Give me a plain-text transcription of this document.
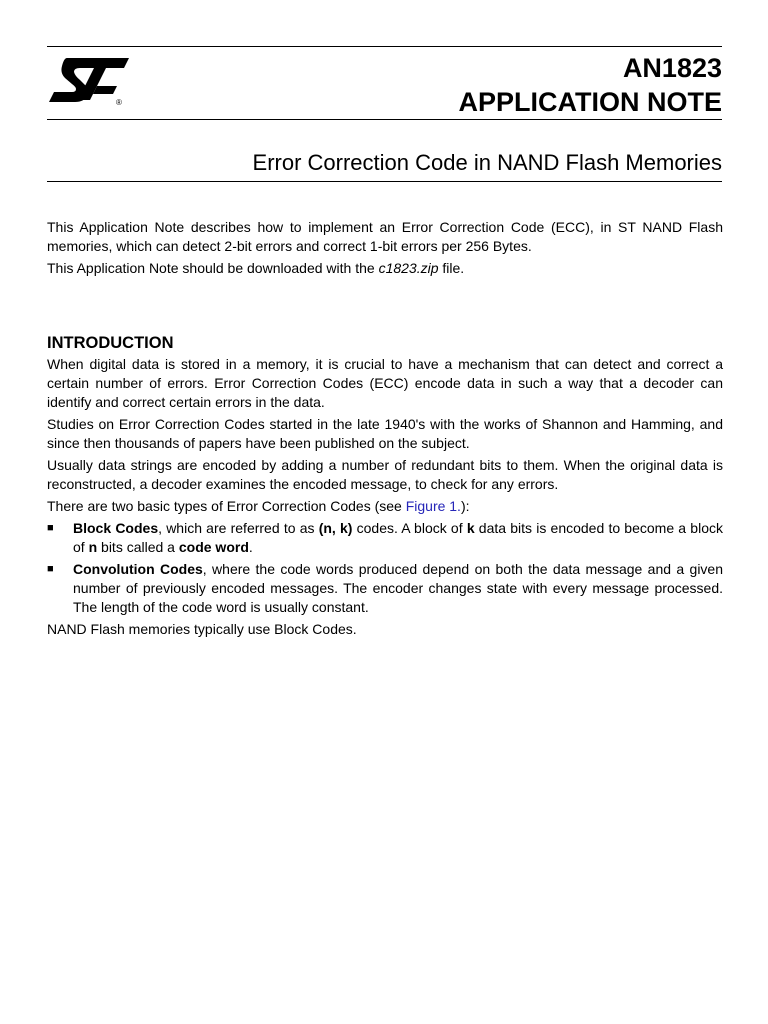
®
AN1823
APPLICATION NOTE
Error Correction Code in NAND Flash Memories

This Application Note describes how to implement an Error Correction Code (ECC), in ST NAND Flash memories, which can detect 2-bit errors and correct 1-bit errors per 256 Bytes.

This Application Note should be downloaded with the c1823.zip file.

INTRODUCTION

When digital data is stored in a memory, it is crucial to have a mechanism that can detect and correct a certain number of errors. Error Correction Codes (ECC) encode data in such a way that a decoder can identify and correct certain errors in the data.

Studies on Error Correction Codes started in the late 1940's with the works of Shannon and Hamming, and since then thousands of papers have been published on the subject.

Usually data strings are encoded by adding a number of redundant bits to them. When the original data is reconstructed, a decoder examines the encoded message, to check for any errors.

There are two basic types of Error Correction Codes (see Figure 1.):

■	Block Codes, which are referred to as (n, k) codes. A block of k data bits is encoded to become a block of n bits called a code word.
■	Convolution Codes, where the code words produced depend on both the data message and a given number of previously encoded messages. The encoder changes state with every message processed. The length of the code word is usually constant.

NAND Flash memories typically use Block Codes.
